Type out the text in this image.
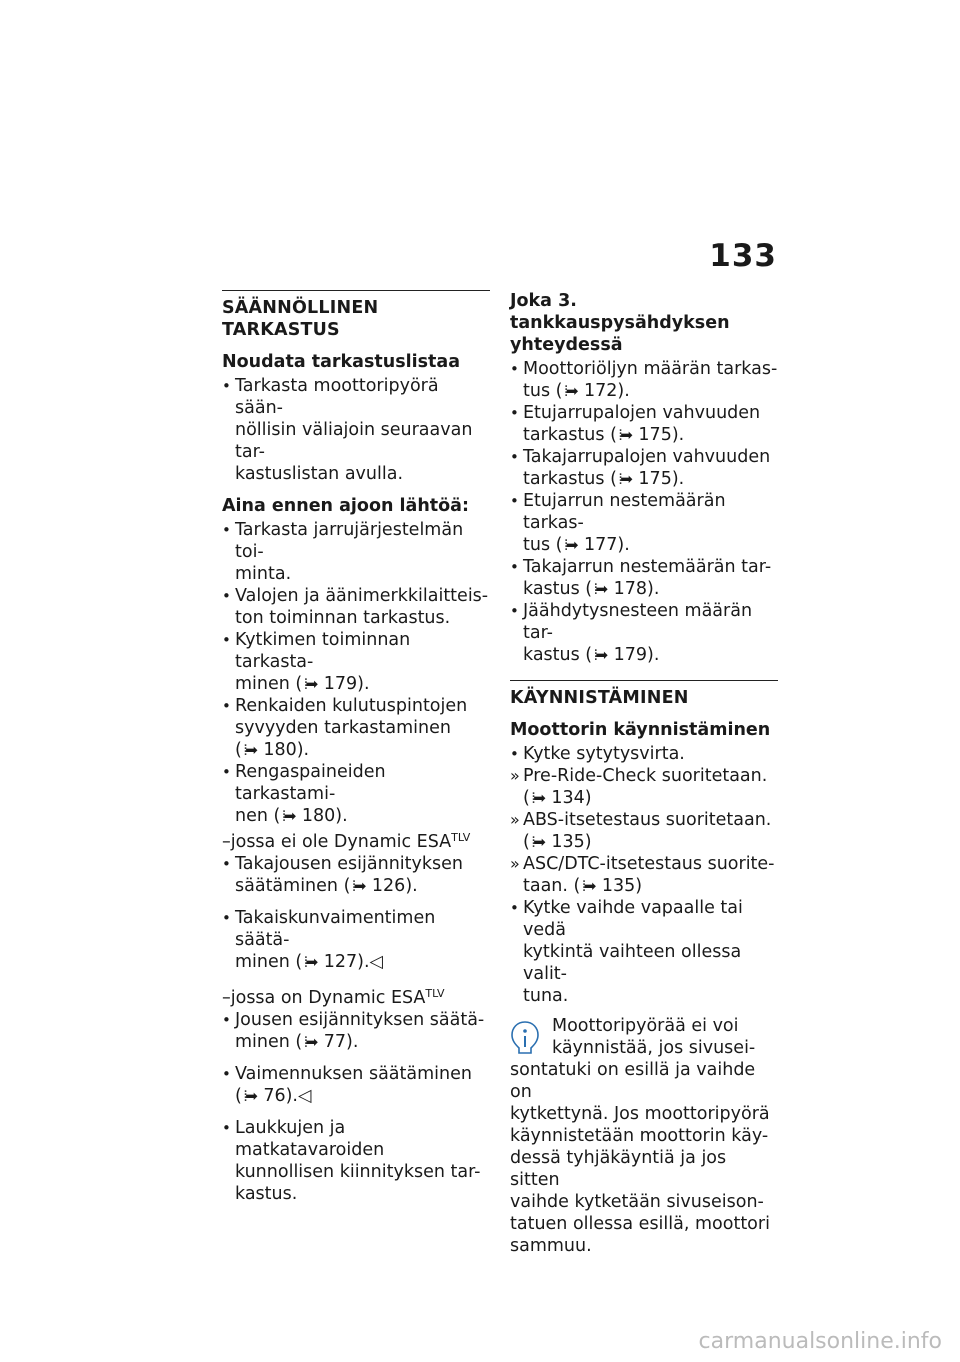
133
SÄÄNNÖLLINEN TARKASTUS
Noudata tarkastuslistaa
• Tarkasta moottoripyörä sään-
nöllisin väliajoin seuraavan tar-
kastuslistan avulla.
Aina ennen ajoon lähtöä:
• Tarkasta jarrujärjestelmän toi-
minta.
• Valojen ja äänimerkkilaitteis-
ton toiminnan tarkastus.
• Kytkimen toiminnan tarkasta-
minen ( ⦙➡ 179).
• Renkaiden kulutuspintojen
syvyyden tarkastaminen
( ⦙➡ 180).
• Rengaspaineiden tarkastami-
nen ( ⦙➡ 180).
–jossa ei ole Dynamic $ESA^{TLV}$
• Takajousen esijännityksen
säätäminen ( ⦙➡ 126).
• Takaiskunvaimentimen säätä-
minen ( ⦙➡ 127).◁
–jossa on Dynamic $ESA^{TLV}$
• Jousen esijännityksen säätä-
minen ( ⦙➡ 77).
• Vaimennuksen säätäminen
( ⦙➡ 76).◁
• Laukkujen ja matkatavaroiden
kunnollisen kiinnityksen tar-
kastus.
Joka 3. tankkauspysähdyksen
yhteydessä
• Moottoriöljyn määrän tarkas-
tus ( ⦙➡ 172).
• Etujarrupalojen vahvuuden
tarkastus ( ⦙➡ 175).
• Takajarrupalojen vahvuuden
tarkastus ( ⦙➡ 175).
• Etujarrun nestemäärän tarkas-
tus ( ⦙➡ 177).
• Takajarrun nestemäärän tar-
kastus ( ⦙➡ 178).
• Jäähdytysnesteen määrän tar-
kastus ( ⦙➡ 179).
KÄYNNISTÄMINEN
Moottorin käynnistäminen
• Kytke sytytysvirta.
» Pre-Ride-Check suoritetaan.
( ⦙➡ 134)
» ABS-itsetestaus suoritetaan.
( ⦙➡ 135)
» ASC/DTC-itsetestaus suorite-
taan. ( ⦙➡ 135)
• Kytke vaihde vapaalle tai vedä
kytkintä vaihteen ollessa valit-
tuna.
Moottoripyörää ei voi
käynnistää, jos sivusei-
sontatuki on esillä ja vaihde on
kytkettynä. Jos moottoripyörä
käynnistetään moottorin käy-
dessä tyhjäkäyntiä ja jos sitten
vaihde kytketään sivuseison-
tatuen ollessa esillä, moottori
sammuu.
carmanualsonline.info
